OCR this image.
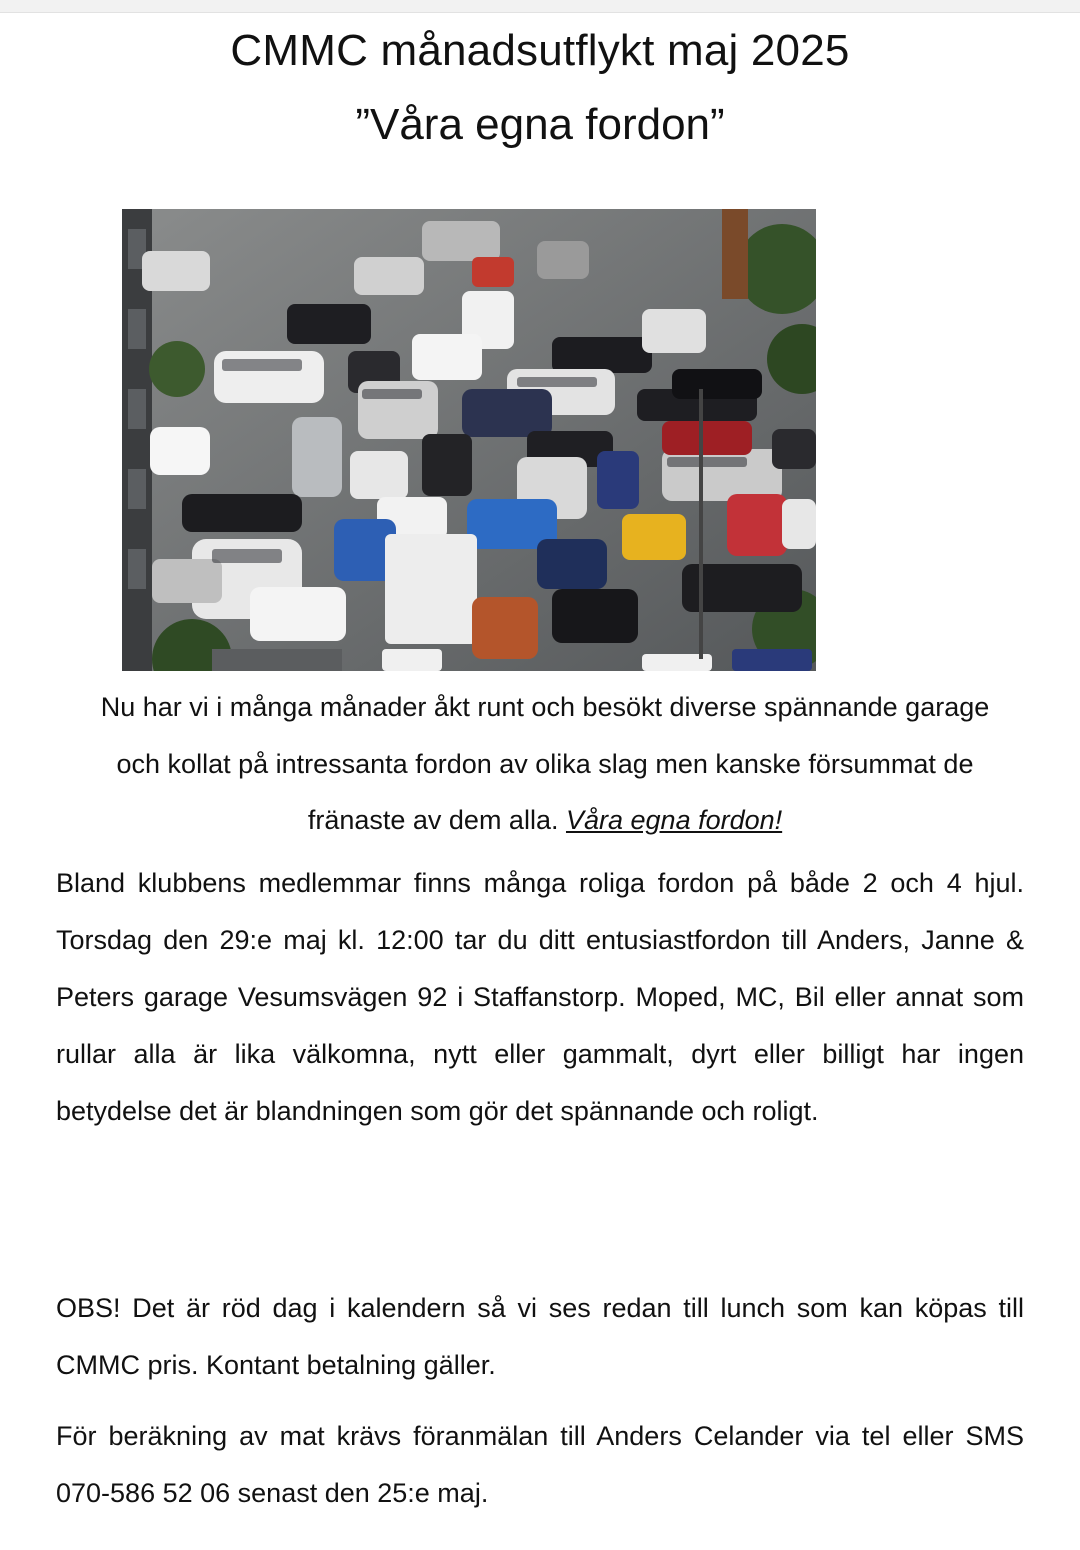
CMMC månadsutflykt maj 2025
”Våra egna fordon”
Nu har vi i många månader åkt runt och besökt diverse spännande garage och kollat på intressanta fordon av olika slag men kanske försummat de fränaste av dem alla. Våra egna fordon!
Bland klubbens medlemmar finns många roliga fordon på både 2 och 4 hjul. Torsdag den 29:e maj kl. 12:00 tar du ditt entusiastfordon till Anders, Janne & Peters garage Vesumsvägen 92 i Staffanstorp. Moped, MC, Bil eller annat som rullar alla är lika välkomna, nytt eller gammalt, dyrt eller billigt har ingen betydelse det är blandningen som gör det spännande och roligt.
OBS! Det är röd dag i kalendern så vi ses redan till lunch som kan köpas till CMMC pris. Kontant betalning gäller.
För beräkning av mat krävs föranmälan till Anders Celander via tel eller SMS 070-586 52 06 senast den 25:e maj.
